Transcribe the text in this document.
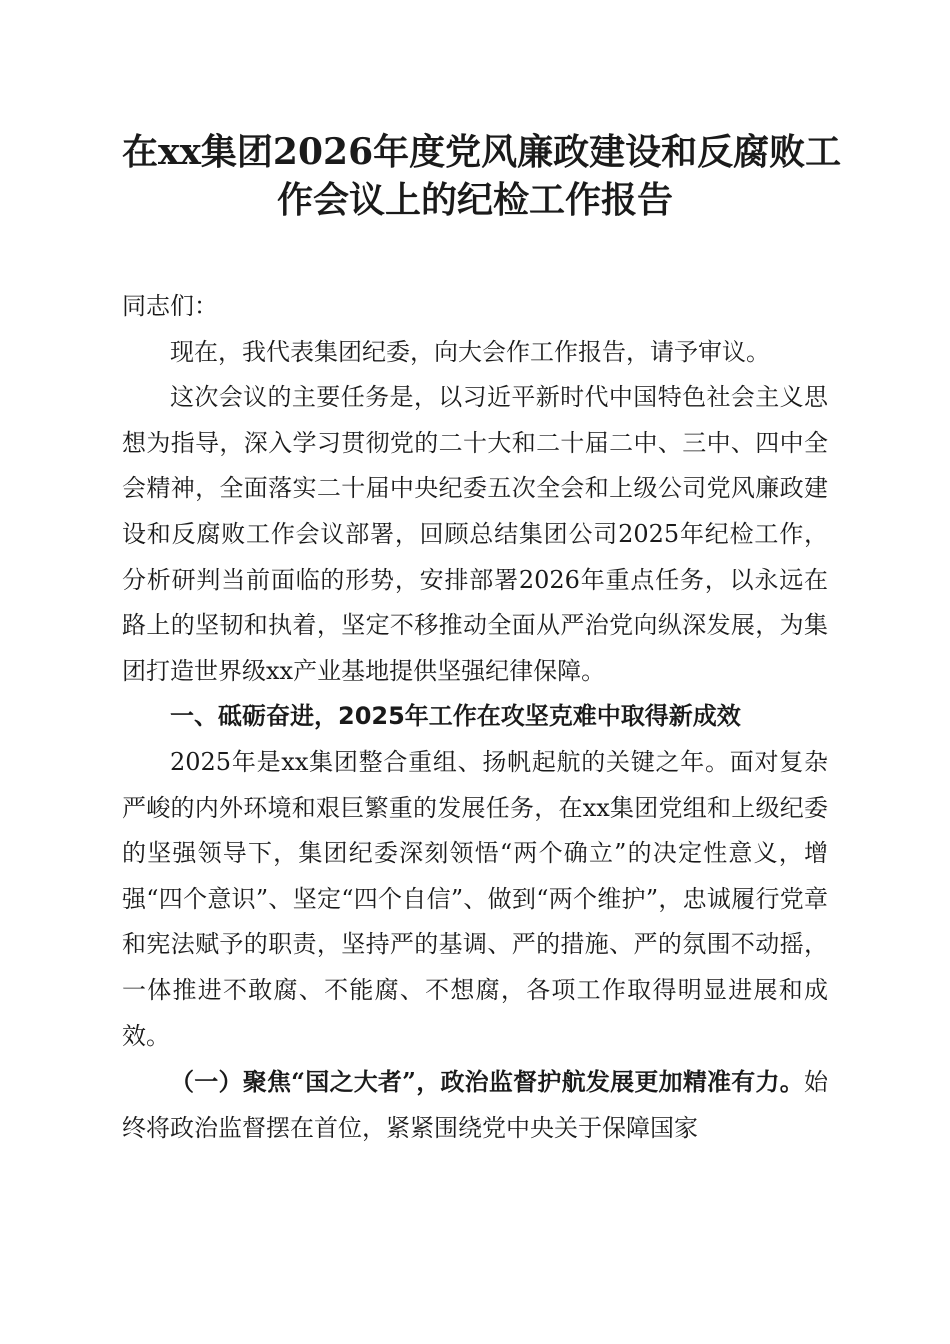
在xx集团2026年度党风廉政建设和反腐败工
作会议上的纪检工作报告

同志们：

现在，我代表集团纪委，向大会作工作报告，请予审议。

这次会议的主要任务是，以习近平新时代中国特色社会主义思想为指导，深入学习贯彻党的二十大和二十届二中、三中、四中全会精神，全面落实二十届中央纪委五次全会和上级公司党风廉政建设和反腐败工作会议部署，回顾总结集团公司2025年纪检工作，分析研判当前面临的形势，安排部署2026年重点任务，以永远在路上的坚韧和执着，坚定不移推动全面从严治党向纵深发展，为集团打造世界级xx产业基地提供坚强纪律保障。

一、砥砺奋进，2025年工作在攻坚克难中取得新成效

2025年是xx集团整合重组、扬帆起航的关键之年。面对复杂严峻的内外环境和艰巨繁重的发展任务，在xx集团党组和上级纪委的坚强领导下，集团纪委深刻领悟“两个确立”的决定性意义，增强“四个意识”、坚定“四个自信”、做到“两个维护”，忠诚履行党章和宪法赋予的职责，坚持严的基调、严的措施、严的氛围不动摇，一体推进不敢腐、不能腐、不想腐，各项工作取得明显进展和成效。

（一）聚焦“国之大者”，政治监督护航发展更加精准有力。始终将政治监督摆在首位，紧紧围绕党中央关于保障国家
